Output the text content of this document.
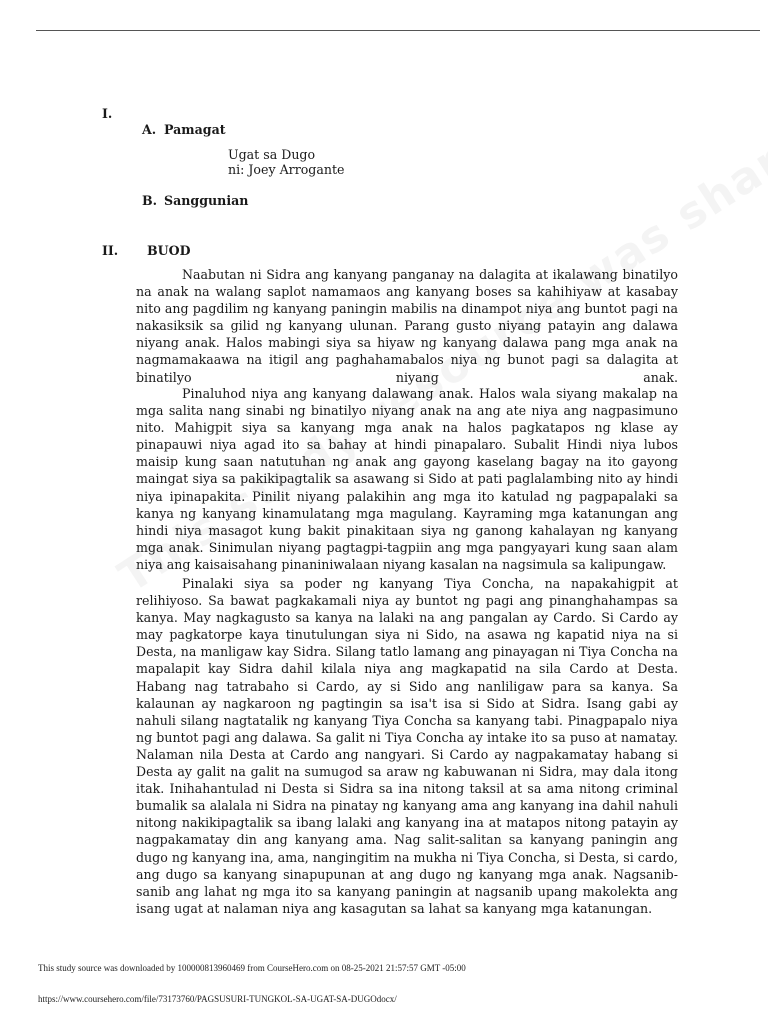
I.
A. Pamagat
Ugat sa Dugo
ni: Joey Arrogante
B. Sanggunian
II. BUOD

Naabutan ni Sidra ang kanyang panganay na dalagita at ikalawang binatilyo na anak na walang saplot namamaos ang kanyang boses sa kahihiyaw at kasabay nito ang pagdilim ng kanyang paningin mabilis na dinampot niya ang buntot pagi na nakasiksik sa gilid ng kanyang ulunan. Parang gusto niyang patayin ang dalawa niyang anak. Halos mabingi siya sa hiyaw ng kanyang dalawa pang mga anak na nagmamakaawa na itigil ang paghahamabalos niya ng bunot pagi sa dalagita at binatilyo niyang anak.

Pinaluhod niya ang kanyang dalawang anak. Halos wala siyang makalap na mga salita nang sinabi ng binatilyo niyang anak na ang ate niya ang nagpasimuno nito. Mahigpit siya sa kanyang mga anak na halos pagkatapos ng klase ay pinapauwi niya agad ito sa bahay at hindi pinapalaro. Subalit Hindi niya lubos maisip kung saan natutuhan ng anak ang gayong kaselang bagay na ito gayong maingat siya sa pakikipagtalik sa asawang si Sido at pati paglalambing nito ay hindi niya ipinapakita. Pinilit niyang palakihin ang mga ito katulad ng pagpapalaki sa kanya ng kanyang kinamulatang mga magulang. Kayraming mga katanungan ang hindi niya masagot kung bakit pinakitaan siya ng ganong kahalayan ng kanyang mga anak. Sinimulan niyang pagtagpi-tagpiin ang mga pangyayari kung saan alam niya ang kaisaisahang pinaniniwalaan niyang kasalan na nagsimula sa kalipungaw.

Pinalaki siya sa poder ng kanyang Tiya Concha, na napakahigpit at relihiyoso. Sa bawat pagkakamali niya ay buntot ng pagi ang pinanghahampas sa kanya. May nagkagusto sa kanya na lalaki na ang pangalan ay Cardo. Si Cardo ay may pagkatorpe kaya tinutulungan siya ni Sido, na asawa ng kapatid niya na si Desta, na manligaw kay Sidra. Silang tatlo lamang ang pinayagan ni Tiya Concha na mapalapit kay Sidra dahil kilala niya ang magkapatid na sila Cardo at Desta. Habang nag tatrabaho si Cardo, ay si Sido ang nanliligaw para sa kanya. Sa kalaunan ay nagkaroon ng pagtingin sa isa't isa si Sido at Sidra. Isang gabi ay nahuli silang nagtatalik ng kanyang Tiya Concha sa kanyang tabi. Pinagpapalo niya ng buntot pagi ang dalawa. Sa galit ni Tiya Concha ay intake ito sa puso at namatay. Nalaman nila Desta at Cardo ang nangyari. Si Cardo ay nagpakamatay habang si Desta ay galit na galit na sumugod sa araw ng kabuwanan ni Sidra, may dala itong itak. Inihahantulad ni Desta si Sidra sa ina nitong taksil at sa ama nitong criminal bumalik sa alalala ni Sidra na pinatay ng kanyang ama ang kanyang ina dahil nahuli nitong nakikipagtalik sa ibang lalaki ang kanyang ina at matapos nitong patayin ay nagpakamatay din ang kanyang ama. Nag salit-salitan sa kanyang paningin ang dugo ng kanyang ina, ama, nangingitim na mukha ni Tiya Concha, si Desta, si cardo, ang dugo sa kanyang sinapupunan at ang dugo ng kanyang mga anak. Nagsanib-sanib ang lahat ng mga ito sa kanyang paningin at nagsanib upang makolekta ang isang ugat at nalaman niya ang kasagutan sa lahat sa kanyang mga katanungan.

This study source was downloaded by 100000813960469 from CourseHero.com on 08-25-2021 21:57:57 GMT -05:00
https://www.coursehero.com/file/73173760/PAGSUSURI-TUNGKOL-SA-UGAT-SA-DUGOdocx/
